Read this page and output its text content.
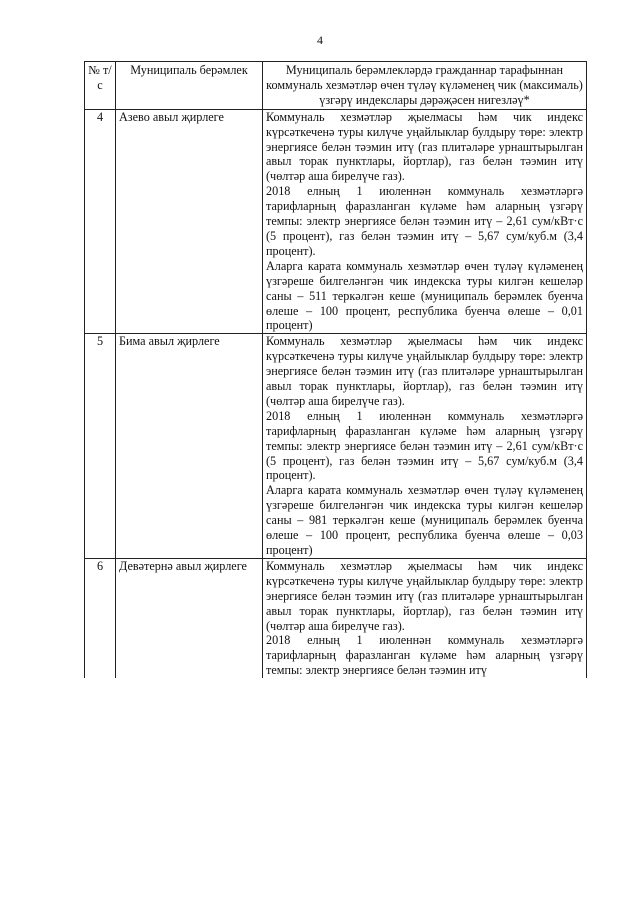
4
№ т/с	Муниципаль берәмлек	Муниципаль берәмлекләрдә гражданнар тарафыннан коммуналь хезмәтләр өчен түләү күләменең чик (максималь) үзгәрү индекслары дәрәҗәсен нигезләү*
4	Азево авыл җирлеге	Коммуналь хезмәтләр җыелмасы һәм чик индекс күрсәткеченә туры килүче уңайлыклар булдыру төре: электр энергиясе белән тәэмин итү (газ плитәләре урнаштырылган авыл торак пунктлары, йортлар), газ белән тәэмин итү (чөлтәр аша бирелүче газ).

2018 елның 1 июленнән коммуналь хезмәтләргә тарифларның фаразланган күләме һәм аларның үзгәрү темпы: электр энергиясе белән тәэмин итү – 2,61 сум/кВт·с (5 процент), газ белән тәэмин итү – 5,67 сум/куб.м (3,4 процент).

Аларга карата коммуналь хезмәтләр өчен түләү күләменең үзгәреше билгеләнгән чик индекска туры килгән кешеләр саны – 511 теркәлгән кеше (муниципаль берәмлек буенча өлеше – 100 процент, республика буенча өлеше – 0,01 процент)

5	Бима авыл җирлеге	Коммуналь хезмәтләр җыелмасы һәм чик индекс күрсәткеченә туры килүче уңайлыклар булдыру төре: электр энергиясе белән тәэмин итү (газ плитәләре урнаштырылган авыл торак пунктлары, йортлар), газ белән тәэмин итү (чөлтәр аша бирелүче газ).

2018 елның 1 июленнән коммуналь хезмәтләргә тарифларның фаразланган күләме һәм аларның үзгәрү темпы: электр энергиясе белән тәэмин итү – 2,61 сум/кВт·с (5 процент), газ белән тәэмин итү – 5,67 сум/куб.м (3,4 процент).

Аларга карата коммуналь хезмәтләр өчен түләү күләменең үзгәреше билгеләнгән чик индекска туры килгән кешеләр саны – 981 теркәлгән кеше (муниципаль берәмлек буенча өлеше – 100 процент, республика буенча өлеше – 0,03 процент)

6	Девәтернә авыл җирлеге	Коммуналь хезмәтләр җыелмасы һәм чик индекс күрсәткеченә туры килүче уңайлыклар булдыру төре: электр энергиясе белән тәэмин итү (газ плитәләре урнаштырылган авыл торак пунктлары, йортлар), газ белән тәэмин итү (чөлтәр аша бирелүче газ).

2018 елның 1 июленнән коммуналь хезмәтләргә тарифларның фаразланган күләме һәм аларның үзгәрү темпы: электр энергиясе белән тәэмин итү
